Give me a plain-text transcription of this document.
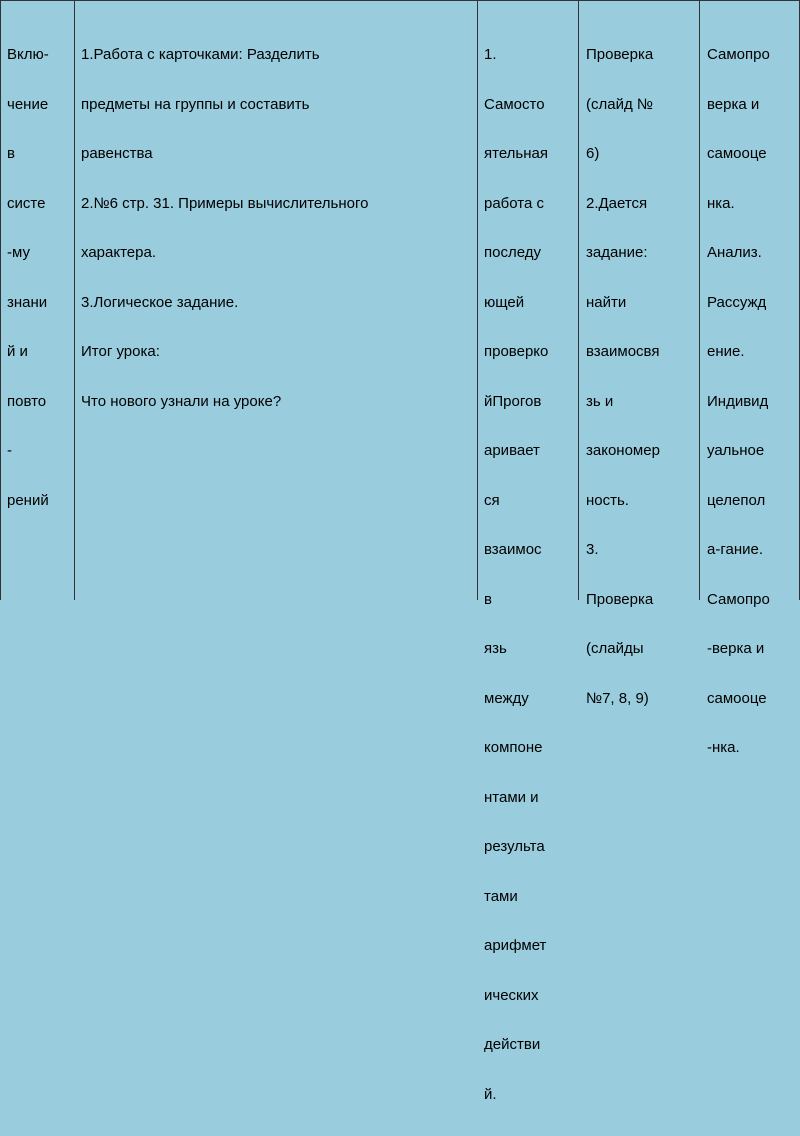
Вклю-

чение

в

систе

-му

знани

й и

повто

-

рений

1.Работа с карточками: Разделить

предметы на группы и составить

равенства

2.№6 стр. 31. Примеры вычислительного

характера.

3.Логическое задание.

Итог урока:

Что нового узнали на уроке?

1.

Самосто

ятельная

работа с

последу

ющей

проверко

йПрогов

аривает

ся

взаимос

в

язь

между

компоне

нтами и

результа

тами

арифмет

ических

действи

й.

Проверка

(слайд №

6)

2.Дается

задание:

найти

взаимосвя

зь и

закономер

ность.

3.

Проверка

(слайды

№7, 8, 9)

Самопро

верка и

самооце

нка.

Анализ.

Рассужд

ение.

Индивид

уальное

целепол

а-гание.

Самопро

-верка и

самооце

-нка.
